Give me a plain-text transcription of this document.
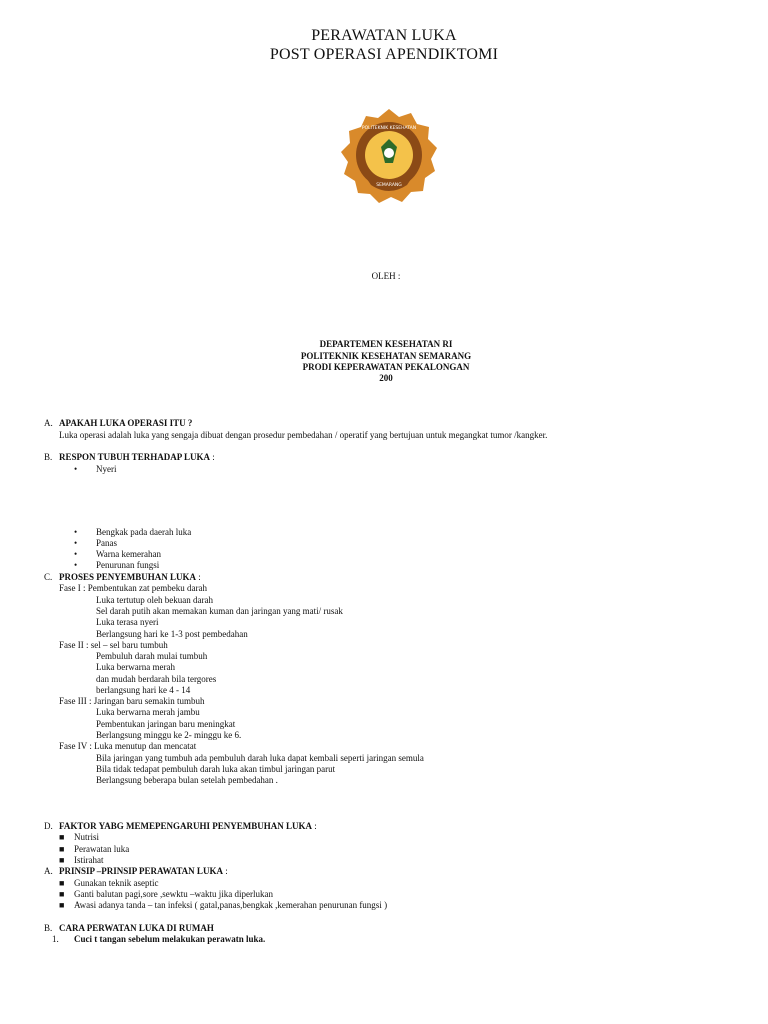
PERAWATAN LUKA
POST OPERASI APENDIKTOMI
POLITEKNIK KESEHATAN
SEMARANG
OLEH :
DEPARTEMEN KESEHATAN RI
POLITEKNIK KESEHATAN SEMARANG
PRODI KEPERAWATAN PEKALONGAN
200
A. APAKAH LUKA OPERASI ITU ?
Luka operasi adalah luka yang sengaja dibuat dengan prosedur pembedahan / operatif yang bertujuan untuk megangkat tumor /kangker.
B. RESPON TUBUH TERHADAP LUKA :
• Nyeri
• Bengkak pada daerah luka
• Panas
• Warna kemerahan
• Penurunan fungsi
C. PROSES PENYEMBUHAN LUKA :
Fase I : Pembentukan zat pembeku darah
Luka tertutup oleh bekuan darah
Sel darah putih akan memakan kuman dan jaringan yang mati/ rusak
Luka terasa nyeri
Berlangsung hari ke 1-3 post pembedahan
Fase II : sel – sel baru tumbuh
Pembuluh darah mulai tumbuh
Luka berwarna merah
dan mudah berdarah bila tergores
berlangsung hari ke 4 - 14
Fase III : Jaringan baru semakin tumbuh
Luka berwarna merah jambu
Pembentukan jaringan baru meningkat
Berlangsung minggu ke 2- minggu ke 6.
Fase IV : Luka menutup dan mencatat
Bila jaringan yang tumbuh ada pembuluh darah luka dapat kembali seperti jaringan semula
Bila tidak tedapat pembuluh darah luka akan timbul jaringan parut
Berlangsung beberapa bulan setelah pembedahan .
D. FAKTOR YABG MEMEPENGARUHI PENYEMBUHAN LUKA :
■ Nutrisi
■ Perawatan luka
■ Istirahat
A. PRINSIP –PRINSIP PERAWATAN LUKA :
■ Gunakan teknik aseptic
■ Ganti balutan pagi,sore ,sewktu –waktu jika diperlukan
■ Awasi adanya tanda – tan infeksi ( gatal,panas,bengkak ,kemerahan penurunan fungsi )
B. CARA PERWATAN LUKA DI RUMAH
1. Cuci t tangan sebelum melakukan perawatn luka.
